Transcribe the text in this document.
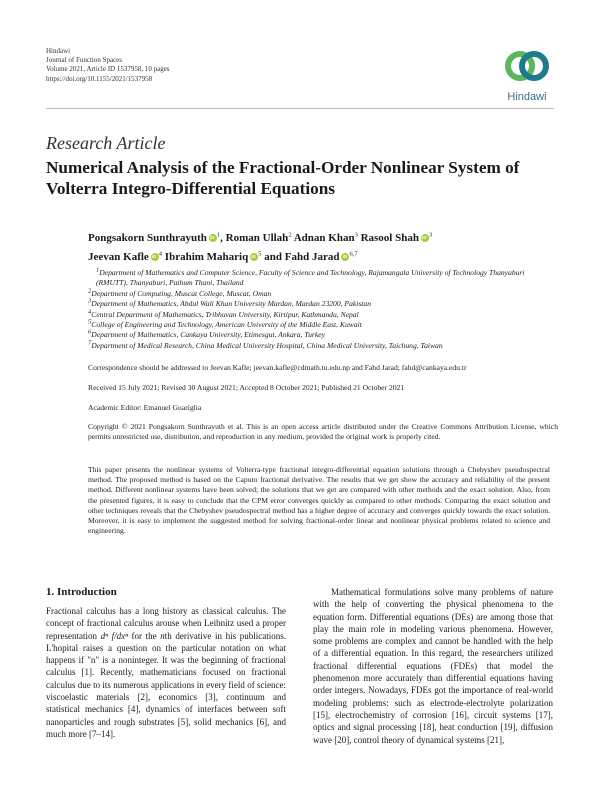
Hindawi
Journal of Function Spaces
Volume 2021, Article ID 1537958, 10 pages
https://doi.org/10.1155/2021/1537958
Hindawi
Research Article
Numerical Analysis of the Fractional-Order Nonlinear System of
Volterra Integro-Differential Equations
Pongsakorn Sunthrayuth iD $^1$, Roman Ullah$^2$ Adnan Khan$^3$ Rasool Shah iD $^3$
Jeevan Kafle iD $^4$ Ibrahim Mahariq iD $^5$ and Fahd Jarad iD $^{6,7}$
$^1$Department of Mathematics and Computer Science, Faculty of Science and Technology, Rajamangala University of Technology Thanyaburi (RMUTT), Thanyaburi, Pathum Thani, Thailand
$^2$Department of Computing, Muscat College, Muscat, Oman
$^3$Department of Mathematics, Abdul Wali Khan University Mardan, Mardan 23200, Pakistan
$^4$Central Department of Mathematics, Tribhuvan University, Kirtipur, Kathmandu, Nepal
$^5$College of Engineering and Technology, American University of the Middle East, Kuwait
$^6$Department of Mathematics, Cankaya University, Etimesgut, Ankara, Turkey
$^7$Department of Medical Research, China Medical University Hospital, China Medical University, Taichung, Taiwan
Correspondence should be addressed to Jeevan Kafle; jeevan.kafle@cdmath.tu.edu.np and Fahd Jarad; fahd@cankaya.edu.tr
Received 15 July 2021; Revised 30 August 2021; Accepted 8 October 2021; Published 21 October 2021
Academic Editor: Emanuel Guariglia
Copyright © 2021 Pongsakorn Sunthrayuth et al. This is an open access article distributed under the Creative Commons Attribution License, which permits unrestricted use, distribution, and reproduction in any medium, provided the original work is properly cited.
This paper presents the nonlinear systems of Volterra-type fractional integro-differential equation solutions through a Chebyshev pseudospectral method. The proposed method is based on the Caputo fractional derivative. The results that we get show the accuracy and reliability of the present method. Different nonlinear systems have been solved; the solutions that we get are compared with other methods and the exact solution. Also, from the presented figures, it is easy to conclude that the CPM error converges quickly as compared to other methods. Comparing the exact solution and other techniques reveals that the Chebyshev pseudospectral method has a higher degree of accuracy and converges quickly towards the exact solution. Moreover, it is easy to implement the suggested method for solving fractional-order linear and nonlinear physical problems related to science and engineering.
1. Introduction

Fractional calculus has a long history as classical calculus. The concept of fractional calculus arouse when Leibnitz used a proper representation dⁿ f/dxⁿ for the nth derivative in his publications. L'hopital raises a question on the particular notation on what happens if "n" is a noninteger. It was the beginning of fractional calculus [1]. Recently, mathematicians focused on fractional calculus due to its numerous applications in every field of science: viscoelastic materials [2], economics [3], continuum and statistical mechanics [4], dynamics of interfaces between soft nanoparticles and rough substrates [5], solid mechanics [6], and much more [7–14].

Mathematical formulations solve many problems of nature with the help of converting the physical phenomena to the equation form. Differential equations (DEs) are among those that play the main role in modeling various phenomena. However, some problems are complex and cannot be handled with the help of a differential equation. In this regard, the researchers utilized fractional differential equations (FDEs) that model the phenomenon more accurately than differential equations having order integers. Nowadays, FDEs got the importance of real-world modeling problems: such as electrode-electrolyte polarization [15], electrochemistry of corrosion [16], circuit systems [17], optics and signal processing [18], heat conduction [19], diffusion wave [20], control theory of dynamical systems [21],
